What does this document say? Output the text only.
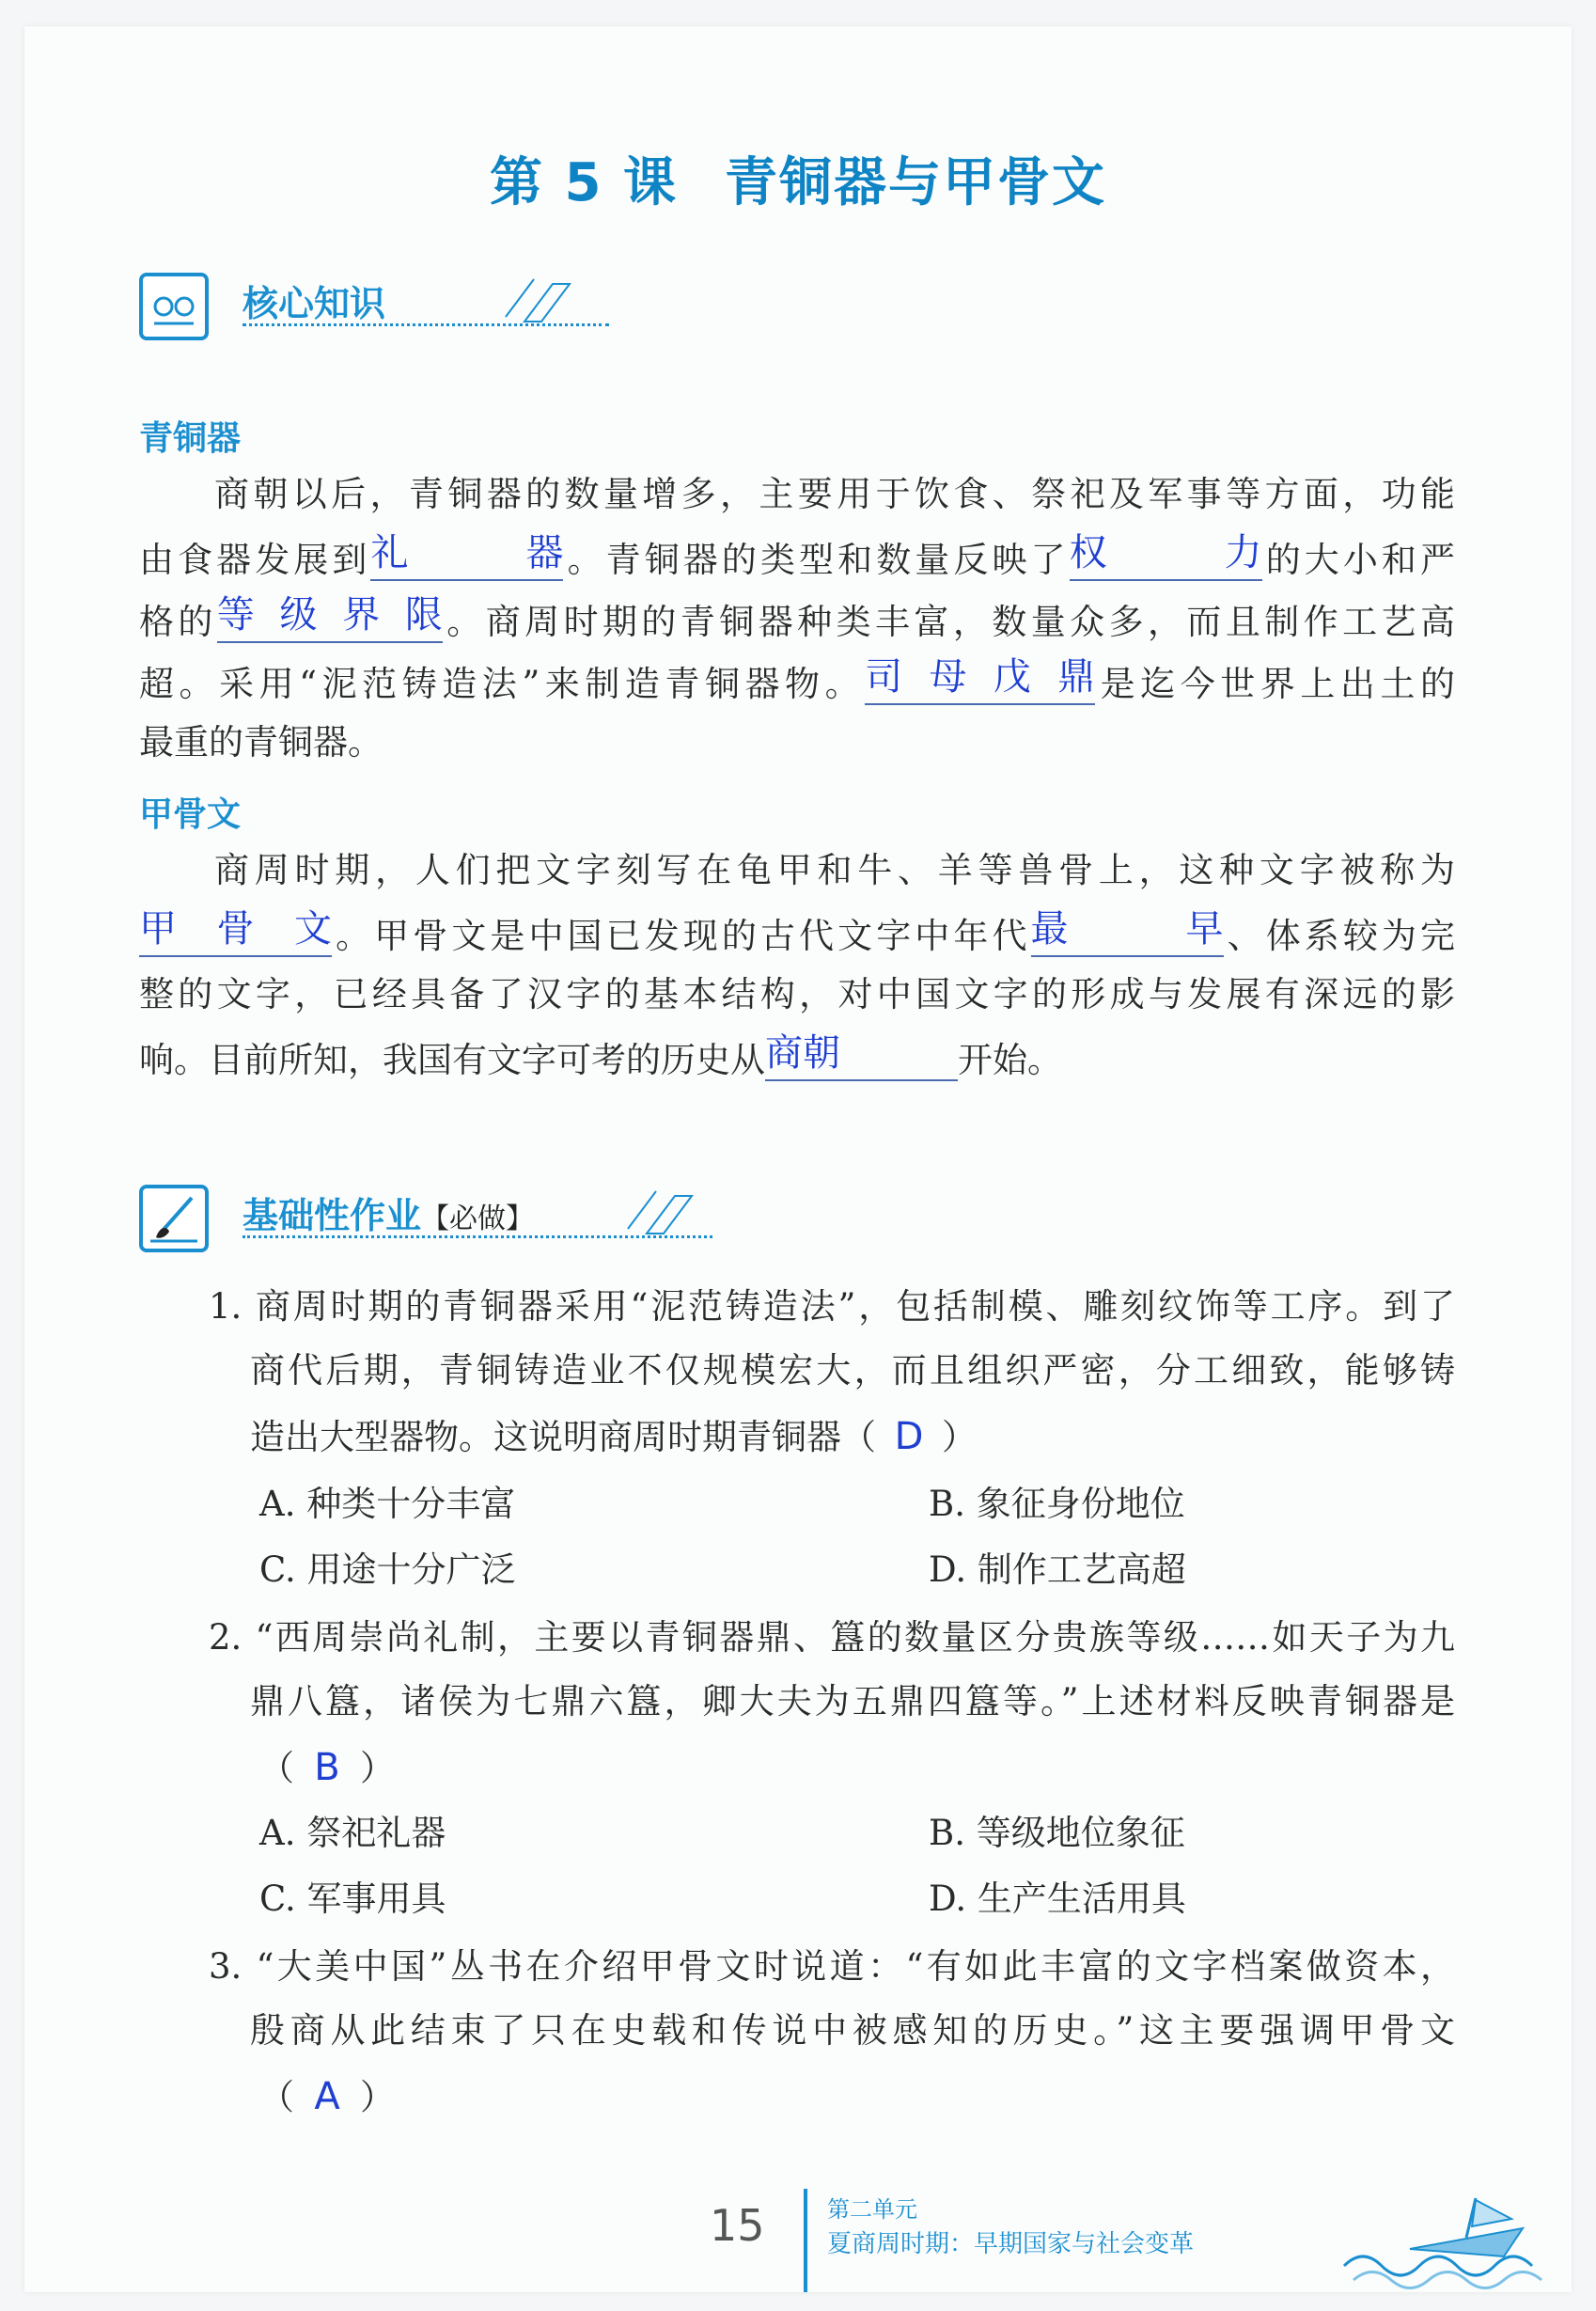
第 5 课 青铜器与甲骨文
核心知识
青铜器
商朝以后，青铜器的数量增多，主要用于饮食、祭祀及军事等方面，功能
由食器发展到 礼器 。青铜器的类型和数量反映了 权力 的大小和严
格的 等级界限 。商周时期的青铜器种类丰富，数量众多，而且制作工艺高
超。采用“泥范铸造法”来制造青铜器物。 司母戊鼎 是迄今世界上出土的
最重的青铜器。
甲骨文
商周时期，人们把文字刻写在龟甲和牛、羊等兽骨上，这种文字被称为
甲骨文 。甲骨文是中国已发现的古代文字中年代 最早 、体系较为完
整的文字，已经具备了汉字的基本结构，对中国文字的形成与发展有深远的影
响。目前所知，我国有文字可考的历史从 商朝	开始。
基础性作业【必做】
1. 商周时期的青铜器采用“泥范铸造法”，包括制模、雕刻纹饰等工序。到了
商代后期，青铜铸造业不仅规模宏大，而且组织严密，分工细致，能够铸
造出大型器物。这说明商周时期青铜器（ D ）
A. 种类十分丰富	B. 象征身份地位
C. 用途十分广泛	D. 制作工艺高超
2. “西周崇尚礼制，主要以青铜器鼎、簋的数量区分贵族等级……如天子为九
鼎八簋，诸侯为七鼎六簋，卿大夫为五鼎四簋等。”上述材料反映青铜器是
（ B ）
A. 祭祀礼器	B. 等级地位象征
C. 军事用具	D. 生产生活用具
3. “大美中国”丛书在介绍甲骨文时说道：“有如此丰富的文字档案做资本，
殷商从此结束了只在史载和传说中被感知的历史。”这主要强调甲骨文
（ A ）
15	第二单元
夏商周时期：早期国家与社会变革
